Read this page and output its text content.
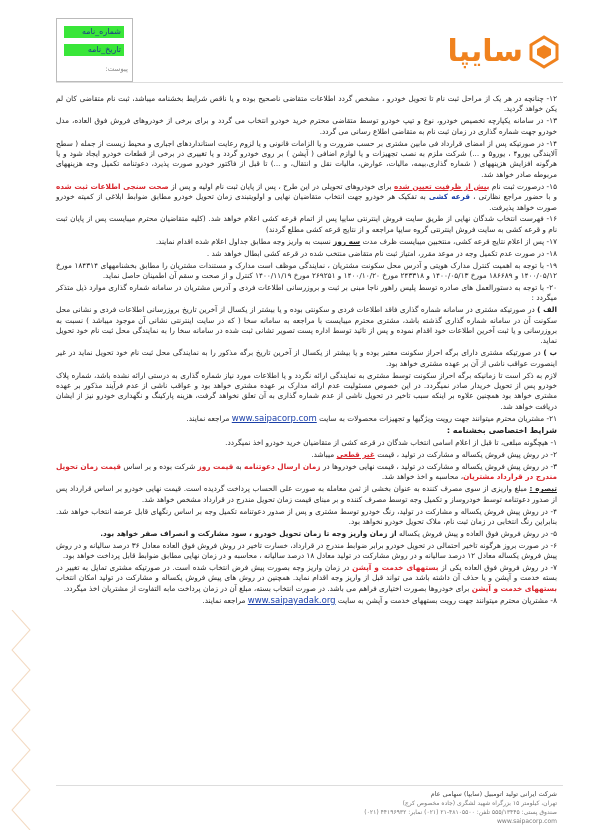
شماره_نامه
تاریخ_نامه
پیوست:	سایپا

۱۲- چنانچه در هر یک از مراحل ثبت نام تا تحویل خودرو ، مشخص گردد اطلاعات متقاضی ناصحیح بوده و یا ناقص شرایط بخشنامه میباشد، ثبت نام متقاضی کان لم یکن خواهد گردید.

۱۳- در سامانه یکپارچه تخصیص خودرو، نوع و تیپ خودرو توسط متقاضی محترم خرید خودرو انتخاب می گردد و برای برخی از خودروهای فروش فوق العاده، مدل خودرو جهت شماره گذاری در زمان ثبت نام به متقاضی اطلاع رسانی می گردد.

۱۴- در صورتیکه پس از امضای قرارداد فی مابین مشتری بر حسب ضرورت و یا الزامات قانونی و یا لزوم رعایت استانداردهای اجباری و محیط زیست از جمله ( سطح آلایندگی یورو۴ ، یورو۵ و ...) شرکت ملزم به نصب تجهیزات و یا لوازم اضافی ( آپشن ) بر روی خودرو گردد و یا تغییری در برخی از قطعات خودرو ایجاد شود و یا هرگونه افزایش هزینههای ( شماره گذاری،بیمه، مالیات، عوارض، مالیات نقل و انتقال، و ...) تا قبل از فاکتور خودرو صورت پذیرد، دعوتنامه تکمیل وجه هزینههای مربوطه صادر خواهد شد.

۱۵- درصورت ثبت نام بیش از ظرفیت تعیین شده برای خودروهای تحویلی در این طرح ، پس از پایان ثبت نام اولیه و پس از صحت سنجی اطلاعات ثبت شده و با حضور مراجع نظارتی ، قرعه کشی به تفکیک هر خودرو جهت انتخاب متقاضیان نهایی و اولویتبندی زمان تحویل خودرو مطابق ضوابط ابلاغی از کمیته خودرو صورت خواهد پذیرفت.

۱۶- فهرست انتخاب شدگان نهایی از طریق سایت فروش اینترنتی سایپا پس از اتمام قرعه کشی اعلام خواهد شد. (کلیه متقاضیان محترم میبایست پس از پایان ثبت نام و قرعه کشی به سایت فروش اینترنتی گروه سایپا مراجعه و از نتایج قرعه کشی مطلع گردند)

۱۷- پس از اعلام نتایج قرعه کشی، منتخبین میبایست ظرف مدت سه روز نسبت به واریز وجه مطابق جداول اعلام شده اقدام نمایند.

۱۸- در صورت عدم تکمیل وجه در موعد مقرر، امتیاز ثبت نام متقاضی منتخب شده در قرعه کشی ابطال خواهد شد .

۱۹- با توجه به اهمیت کنترل مدارک هویتی و آدرس محل سکونت مشتریان ، نمایندگی موظف است مدارک و مستندات مشتریان را مطابق بخشنامههای ۱۸۴۳۱۴ مورخ ۱۴۰۰/۰۵/۱۲ و ۱۸۶۶۸۹ مورخ ۱۴۰۰/۰۵/۱۳ و ۲۴۳۳۱۸ مورخ ۱۴۰۰/۱۰/۲۰ و ۲۶۹۲۵۱ مورخ ۱۴۰۰/۱۱/۱۹ کنترل و از صحت و سقم آن اطمینان حاصل نماید.

۲۰- با توجه به دستورالعمل های صادره توسط پلیس راهور ناجا مبنی بر ثبت و بروزرسانی اطلاعات فردی و آدرس مشتریان در سامانه شماره گذاری موارد ذیل متذکر میگردد :

الف ) در صورتیکه مشتری در سامانه شماره گذاری فاقد اطلاعات فردی و سکونتی بوده و یا بیشتر از یکسال از آخرین تاریخ بروزرسانی اطلاعات فردی و نشانی محل سکونت آن در سامانه شماره گذاری گذشته باشد، مشتری محترم میبایست با مراجعه به سامانه سخا ( که در سایت اینترنتی نشانی آن موجود میباشد ) نسبت به بروزرسانی و یا ثبت آخرین اطلاعات خود اقدام نموده و پس از تائید توسط اداره پست تصویر تشانی ثبت شده در سامانه سخا را به نمایندگی محل ثبت نام خود تحویل نماید.

ب ) در صورتیکه مشتری دارای برگه احراز سکونت معتبر بوده و یا بیشتر از یکسال از آخرین تاریخ برگه مذکور را به نمایندگی محل ثبت نام خود تحویل نماید در غیر اینصورت عواقب ناشی از آن بر عهده مشتری خواهد بود.

لازم به ذکر است تا زمانیکه برگه احراز سکونت توسط مشتری به نمایندگی ارائه نگردد و یا اطلاعات مورد نیاز شماره گذاری به درستی ارائه نشده باشد، شماره پلاک خودرو پس از تحویل خریدار صادر نمیگردد. در این خصوص مسئولیت عدم ارائه مدارک بر عهده مشتری خواهد بود و عواقب ناشی از عدم فرآیند مذکور بر عهده مشتری خواهد بود همچنین علاوه بر اینکه سبب تاخیر در تحویل ناشی از عدم شماره گذاری به آن تعلق نخواهد گرفت، هزینه پارکینگ و نگهداری خودرو نیز از ایشان دریافت خواهد شد.

۲۱- مشتریان محترم میتوانند جهت رویت ویژگیها و تجهیزات محصولات به سایت www.saipacorp.com مراجعه نمایند.

شرایط اختصاصی بخشنامه :

۱- هیچگونه مبلغی، تا قبل از اعلام اسامی انتخاب شدگان در قرعه کشی از متقاضیان خرید خودرو اخذ نمیگردد.

۲- در روش پیش فروش یکساله و مشارکت در تولید ، قیمت غیر قطعی میباشد.

۳- در روش پیش فروش یکساله و مشارکت در تولید ، قیمت نهایی خودروها در زمان ارسال دعوتنامه به قیمت روز شرکت بوده و بر اساس قیمت زمان تحویل مندرج در قرارداد مشتریان، محاسبه و اخذ خواهد شد.

تبصره : مبلغ واریزی از سوی مصرف کننده به عنوان بخشی از ثمن معامله به صورت علی الحساب پرداخت گردیده است. قیمت نهایی خودرو بر اساس قرارداد پس از صدور دعوتنامه توسط خودروساز و تکمیل وجه توسط مصرف کننده و بر مبنای قیمت زمان تحویل مندرج در قرارداد مشخص خواهد شد.

۴- در روش پیش فروش یکساله و مشارکت در تولید، رنگ خودرو توسط مشتری و پس از صدور دعوتنامه تکمیل وجه بر اساس رنگهای قابل عرضه انتخاب خواهد شد. بنابراین رنگ انتخابی در زمان ثبت نام، ملاک تحویل خودرو نخواهد بود.

۵- در روش فروش فوق العاده و پیش فروش یکساله از زمان واریز وجه تا زمان تحویل خودرو ، سود مشارکت و انصراف صفر خواهد بود.

۶- در صورت بروز هرگونه تاخیر احتمالی در تحویل خودرو برابر ضوابط مندرج در قرارداد، خسارت تاخیر در روش فروش فوق العاده معادل ۳۶ درصد سالیانه و در روش پیش فروش یکساله معادل ۱۲ درصد سالیانه و در روش مشارکت در تولید معادل ۱۸ درصد سالیانه ، محاسبه و در زمان نهایی مطابق ضوابط قابل پرداخت خواهد بود.

۷- در روش فروش فوق العاده یکی از بستههای خدمت و آپشن در زمان واریز وجه بصورت پیش فرض انتخاب شده است. در صورتیکه مشتری تمایل به تغییر در بسته خدمت و آپشن و یا حذف آن داشته باشد می تواند قبل از واریز وجه اقدام نماید. همچنین در روش های پیش فروش یکساله و مشارکت در تولید امکان انتخاب بستههای خدمت و آپشن برای خودروها بصورت اختیاری فراهم می باشد. در صورت انتخاب بسته، مبلغ آن در زمان پرداخت مابه التفاوت از مشتریان اخذ میگردد.

۸- مشتریان محترم میتوانند جهت رویت بستههای خدمت و آپشن به سایت www.saipayadak.org مراجعه نمایند.

شرکت ایرانی تولید اتومبیل (سایپا) سهامی عام
تهران، کیلومتر ۱۵ بزرگراه شهید لشگری (جاده مخصوص کرج)
صندوق پستی: ۵۵۵/۱۳۴۴۵ تلفن: ۴۸۱۰۵۵۰۰-۲۱ (۰۲۱) نمابر: ۴۴۱۹۶۹۳۲ (۰۲۱)
www.saipacorp.com
